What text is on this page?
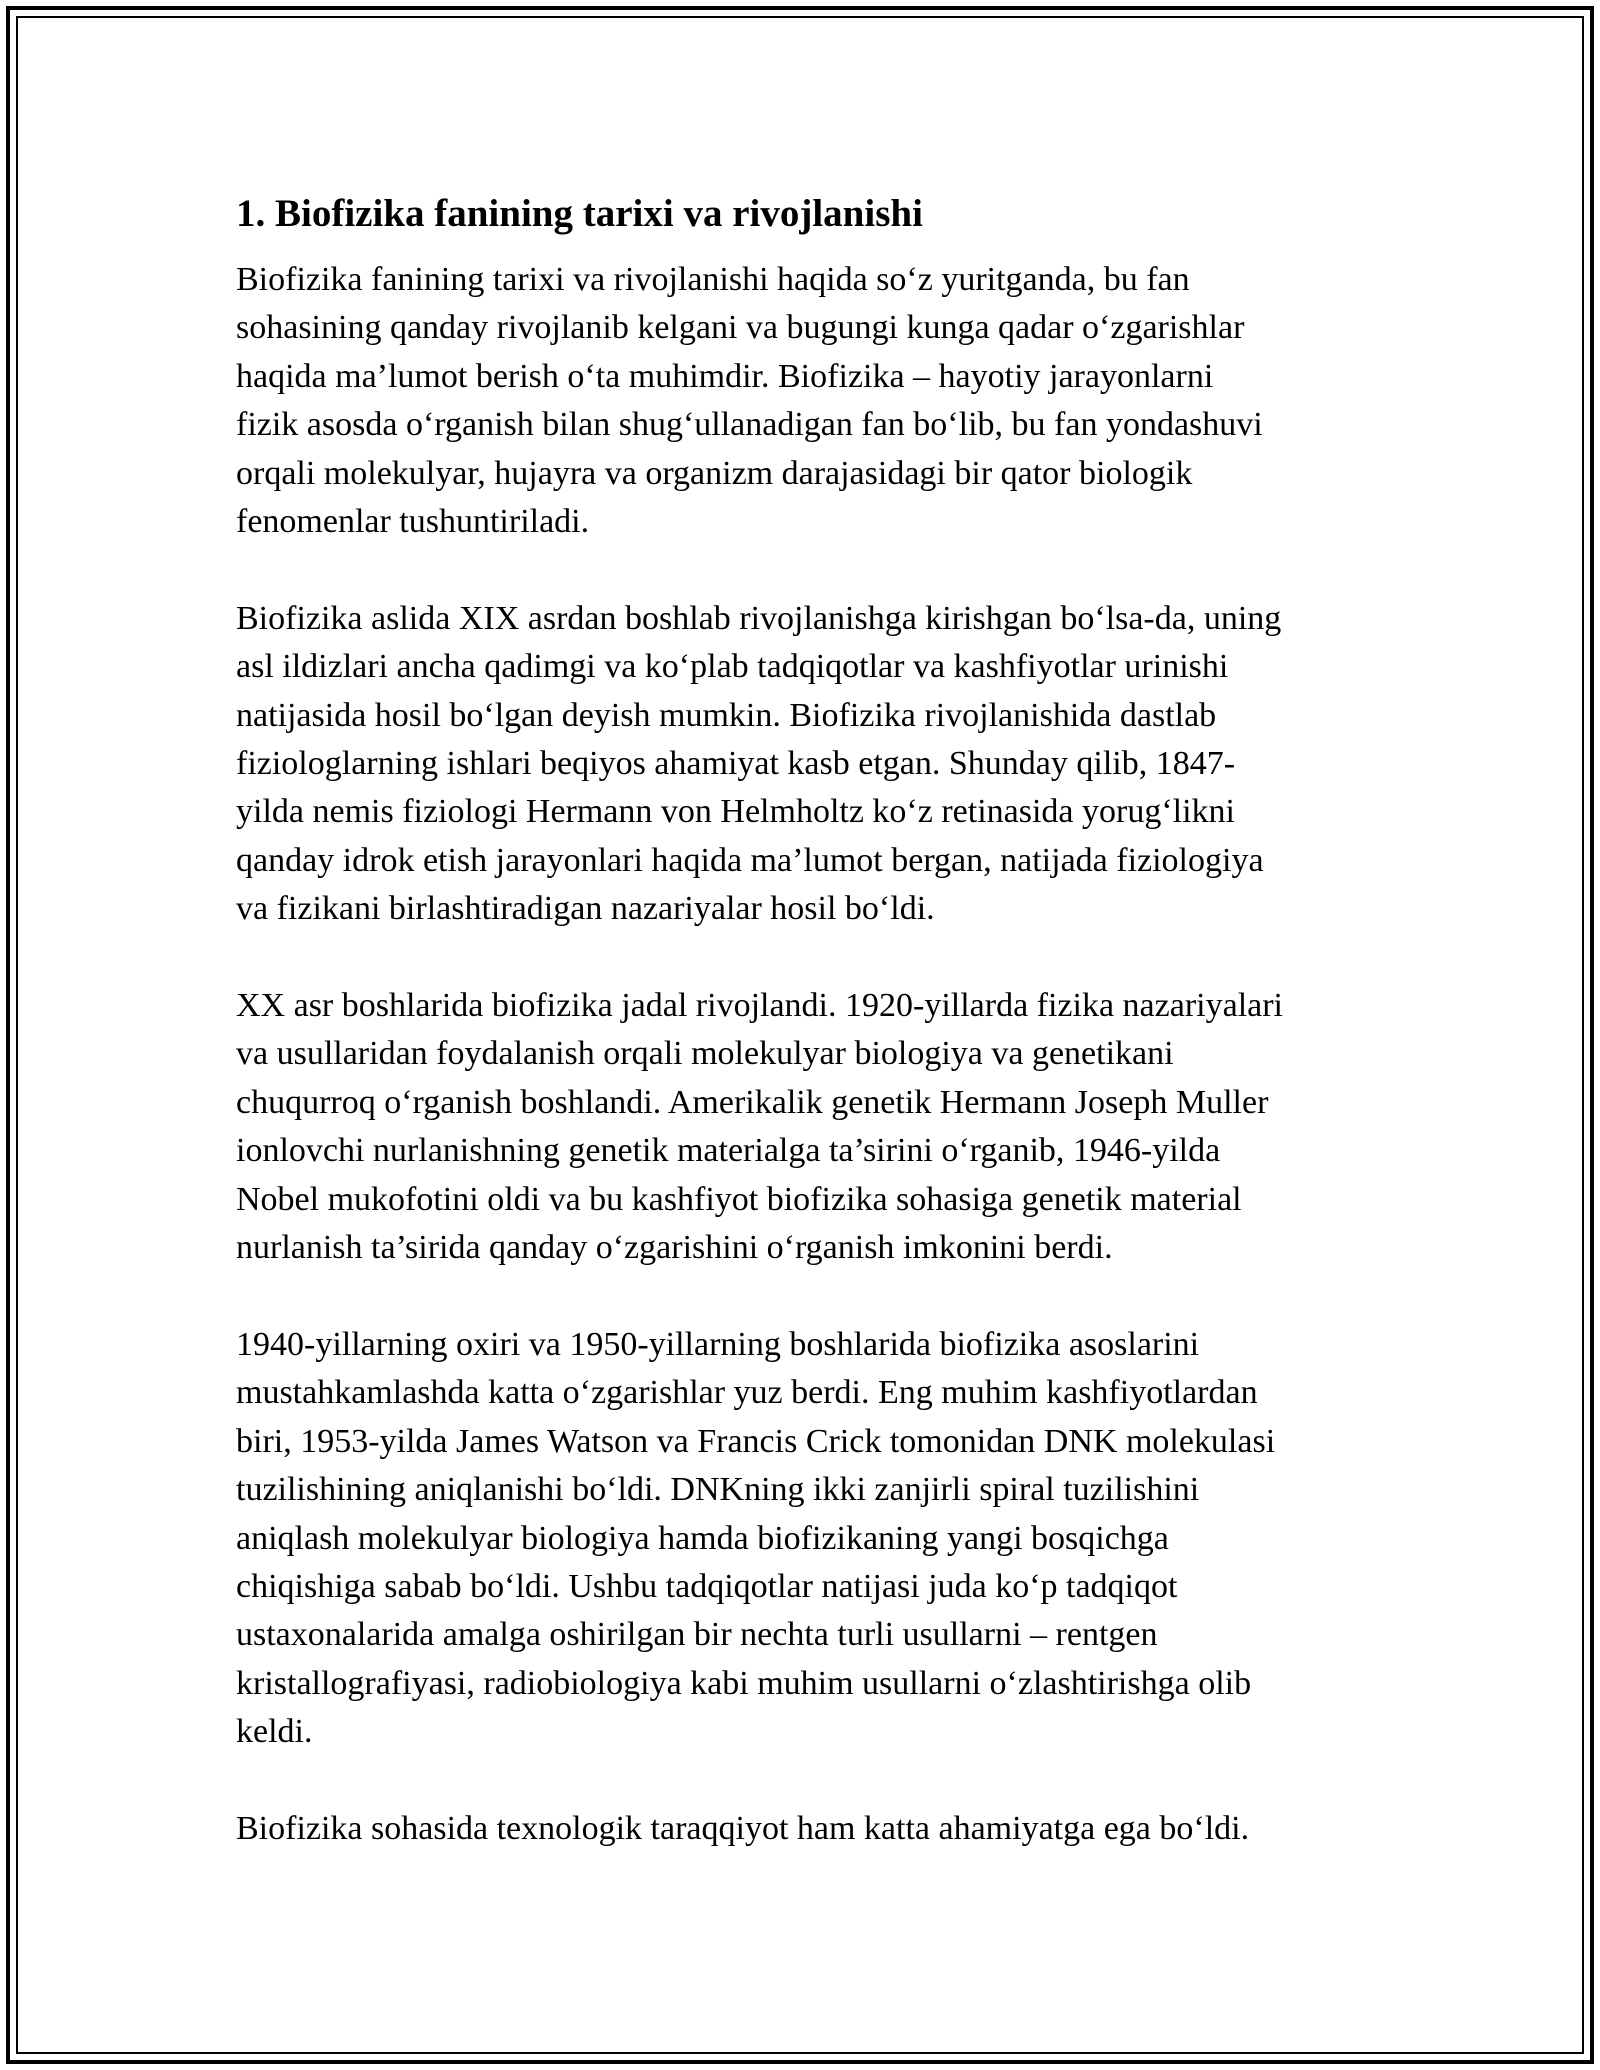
1. Biofizika fanining tarixi va rivojlanishi

Biofizika fanining tarixi va rivojlanishi haqida so‘z yuritganda, bu fan
sohasining qanday rivojlanib kelgani va bugungi kunga qadar o‘zgarishlar
haqida ma’lumot berish o‘ta muhimdir. Biofizika – hayotiy jarayonlarni
fizik asosda o‘rganish bilan shug‘ullanadigan fan bo‘lib, bu fan yondashuvi
orqali molekulyar, hujayra va organizm darajasidagi bir qator biologik
fenomenlar tushuntiriladi.

Biofizika aslida XIX asrdan boshlab rivojlanishga kirishgan bo‘lsa-da, uning
asl ildizlari ancha qadimgi va ko‘plab tadqiqotlar va kashfiyotlar urinishi
natijasida hosil bo‘lgan deyish mumkin. Biofizika rivojlanishida dastlab
fiziologlarning ishlari beqiyos ahamiyat kasb etgan. Shunday qilib, 1847-
yilda nemis fiziologi Hermann von Helmholtz ko‘z retinasida yorug‘likni
qanday idrok etish jarayonlari haqida ma’lumot bergan, natijada fiziologiya
va fizikani birlashtiradigan nazariyalar hosil bo‘ldi.

XX asr boshlarida biofizika jadal rivojlandi. 1920-yillarda fizika nazariyalari
va usullaridan foydalanish orqali molekulyar biologiya va genetikani
chuqurroq o‘rganish boshlandi. Amerikalik genetik Hermann Joseph Muller
ionlovchi nurlanishning genetik materialga ta’sirini o‘rganib, 1946-yilda
Nobel mukofotini oldi va bu kashfiyot biofizika sohasiga genetik material
nurlanish ta’sirida qanday o‘zgarishini o‘rganish imkonini berdi.

1940-yillarning oxiri va 1950-yillarning boshlarida biofizika asoslarini
mustahkamlashda katta o‘zgarishlar yuz berdi. Eng muhim kashfiyotlardan
biri, 1953-yilda James Watson va Francis Crick tomonidan DNK molekulasi
tuzilishining aniqlanishi bo‘ldi. DNKning ikki zanjirli spiral tuzilishini
aniqlash molekulyar biologiya hamda biofizikaning yangi bosqichga
chiqishiga sabab bo‘ldi. Ushbu tadqiqotlar natijasi juda ko‘p tadqiqot
ustaxonalarida amalga oshirilgan bir nechta turli usullarni – rentgen
kristallografiyasi, radiobiologiya kabi muhim usullarni o‘zlashtirishga olib
keldi.

Biofizika sohasida texnologik taraqqiyot ham katta ahamiyatga ega bo‘ldi.
